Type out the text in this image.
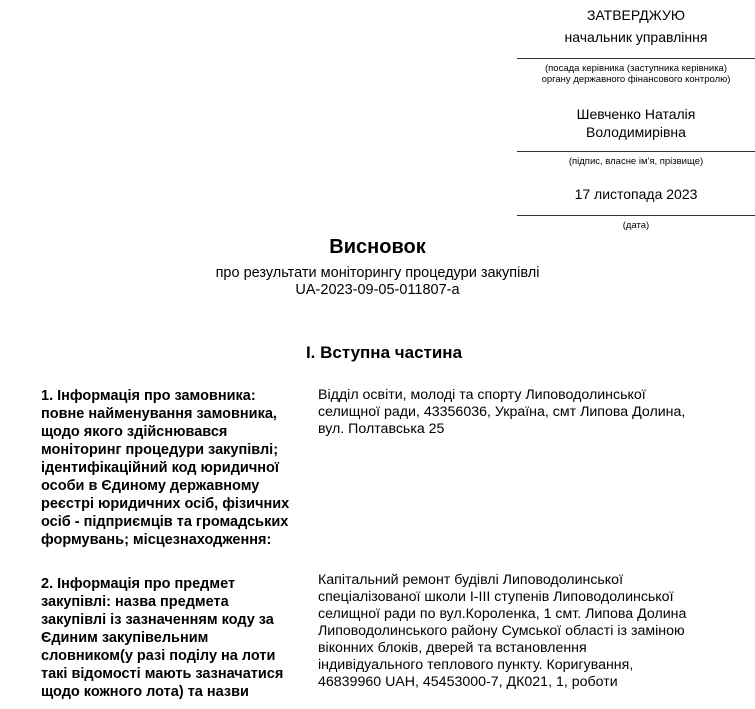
ЗАТВЕРДЖУЮ
начальник управління
(посада керівника (заступника керівника)
органу державного фінансового контролю)
Шевченко Наталія
Володимирівна
(підпис, власне ім'я, прізвище)
17 листопада 2023
(дата)
Висновок
про результати моніторингу процедури закупівлі
UA-2023-09-05-011807-a
I. Вступна частина
1. Інформація про замовника:
повне найменування замовника,
щодо якого здійснювався
моніторинг процедури закупівлі;
ідентифікаційний код юридичної
особи в Єдиному державному
реєстрі юридичних осіб, фізичних
осіб - підприємців та громадських
формувань; місцезнаходження:
Відділ освіти, молоді та спорту Липоводолинської
селищної ради, 43356036, Україна, смт Липова Долина,
вул. Полтавська 25
2. Інформація про предмет
закупівлі: назва предмета
закупівлі із зазначенням коду за
Єдиним закупівельним
словником(у разі поділу на лоти
такі відомості мають зазначатися
щодо кожного лота) та назви
Капітальний ремонт будівлі Липоводолинської
спеціалізованої школи І-ІІІ ступенів Липоводолинської
селищної ради по вул.Короленка, 1 смт. Липова Долина
Липоводолинського району Сумської області із заміною
віконних блоків, дверей та встановлення
індивідуального теплового пункту. Коригування,
46839960 UAH, 45453000-7, ДК021, 1, роботи
